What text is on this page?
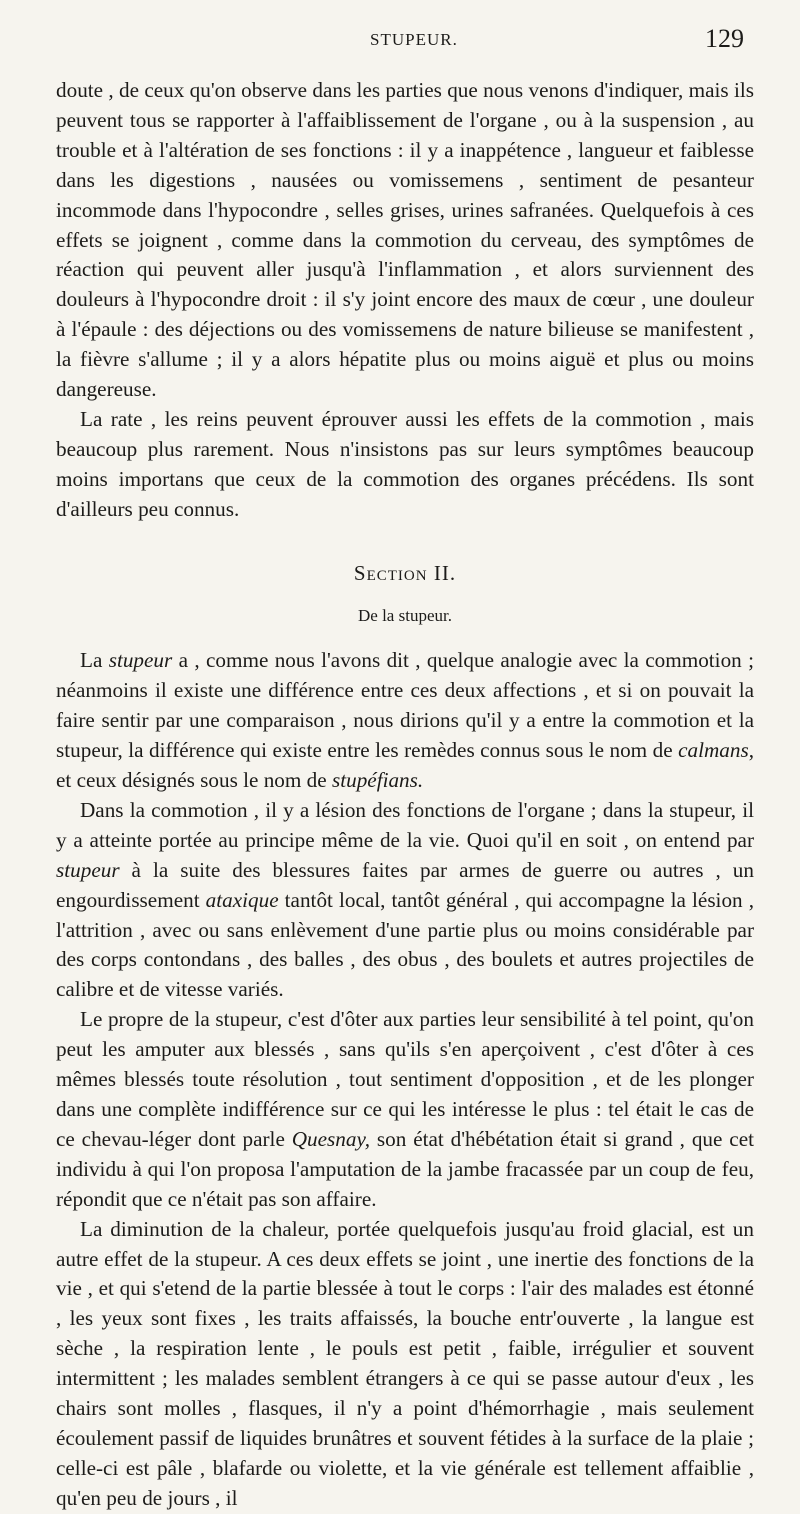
STUPEUR.	129

doute , de ceux qu'on observe dans les parties que nous venons d'indiquer, mais ils peuvent tous se rapporter à l'affaiblissement de l'organe , ou à la suspension , au trouble et à l'altération de ses fonctions : il y a inappétence , langueur et faiblesse dans les digestions , nausées ou vomissemens , sentiment de pesanteur incommode dans l'hypocondre , selles grises, urines safranées. Quelquefois à ces effets se joignent , comme dans la commotion du cerveau, des symptômes de réaction qui peuvent aller jusqu'à l'inflammation , et alors surviennent des douleurs à l'hypocondre droit : il s'y joint encore des maux de cœur , une douleur à l'épaule : des déjections ou des vomissemens de nature bilieuse se manifestent , la fièvre s'allume ; il y a alors hépatite plus ou moins aiguë et plus ou moins dangereuse.

La rate , les reins peuvent éprouver aussi les effets de la commotion , mais beaucoup plus rarement. Nous n'insistons pas sur leurs symptômes beaucoup moins importans que ceux de la commotion des organes précédens. Ils sont d'ailleurs peu connus.

Section II.
De la stupeur.

La stupeur a , comme nous l'avons dit , quelque analogie avec la commotion ; néanmoins il existe une différence entre ces deux affections , et si on pouvait la faire sentir par une comparaison , nous dirions qu'il y a entre la commotion et la stupeur, la différence qui existe entre les remèdes connus sous le nom de calmans, et ceux désignés sous le nom de stupéfians.

Dans la commotion , il y a lésion des fonctions de l'organe ; dans la stupeur, il y a atteinte portée au principe même de la vie. Quoi qu'il en soit , on entend par stupeur à la suite des blessures faites par armes de guerre ou autres , un engourdissement ataxique tantôt local, tantôt général , qui accompagne la lésion , l'attrition , avec ou sans enlèvement d'une partie plus ou moins considérable par des corps contondans , des balles , des obus , des boulets et autres projectiles de calibre et de vitesse variés.

Le propre de la stupeur, c'est d'ôter aux parties leur sensibilité à tel point, qu'on peut les amputer aux blessés , sans qu'ils s'en aperçoivent , c'est d'ôter à ces mêmes blessés toute résolution , tout sentiment d'opposition , et de les plonger dans une complète indifférence sur ce qui les intéresse le plus : tel était le cas de ce chevau-léger dont parle Quesnay, son état d'hébétation était si grand , que cet individu à qui l'on proposa l'amputation de la jambe fracassée par un coup de feu, répondit que ce n'était pas son affaire.

La diminution de la chaleur, portée quelquefois jusqu'au froid glacial, est un autre effet de la stupeur. A ces deux effets se joint , une inertie des fonctions de la vie , et qui s'etend de la partie blessée à tout le corps : l'air des malades est étonné , les yeux sont fixes , les traits affaissés, la bouche entr'ouverte , la langue est sèche , la respiration lente , le pouls est petit , faible, irrégulier et souvent intermittent ; les malades semblent étrangers à ce qui se passe autour d'eux , les chairs sont molles , flasques, il n'y a point d'hémorrhagie , mais seulement écoulement passif de liquides brunâtres et souvent fétides à la surface de la plaie ; celle-ci est pâle , blafarde ou violette, et la vie générale est tellement affaiblie , qu'en peu de jours , il
